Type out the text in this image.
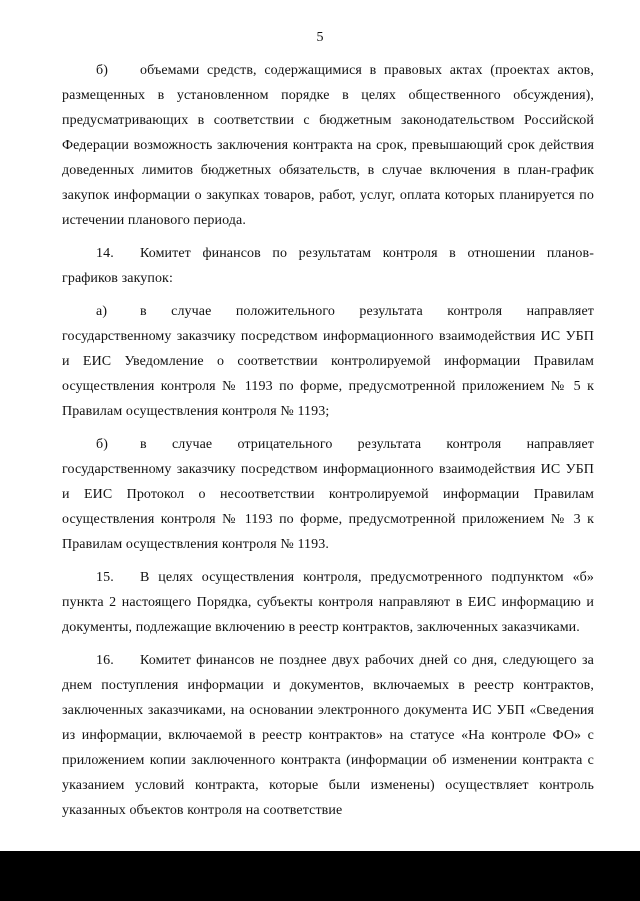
5

б) объемами средств, содержащимися в правовых актах (проектах актов, размещенных в установленном порядке в целях общественного обсуждения), предусматривающих в соответствии с бюджетным законодательством Российской Федерации возможность заключения контракта на срок, превышающий срок действия доведенных лимитов бюджетных обязательств, в случае включения в план-график закупок информации о закупках товаров, работ, услуг, оплата которых планируется по истечении планового периода.

14. Комитет финансов по результатам контроля в отношении планов-графиков закупок:

а) в случае положительного результата контроля направляет государственному заказчику посредством информационного взаимодействия ИС УБП и ЕИС Уведомление о соответствии контролируемой информации Правилам осуществления контроля № 1193 по форме, предусмотренной приложением № 5 к Правилам осуществления контроля № 1193;

б) в случае отрицательного результата контроля направляет государственному заказчику посредством информационного взаимодействия ИС УБП и ЕИС Протокол о несоответствии контролируемой информации Правилам осуществления контроля № 1193 по форме, предусмотренной приложением № 3 к Правилам осуществления контроля № 1193.

15. В целях осуществления контроля, предусмотренного подпунктом «б» пункта 2 настоящего Порядка, субъекты контроля направляют в ЕИС информацию и документы, подлежащие включению в реестр контрактов, заключенных заказчиками.

16. Комитет финансов не позднее двух рабочих дней со дня, следующего за днем поступления информации и документов, включаемых в реестр контрактов, заключенных заказчиками, на основании электронного документа ИС УБП «Сведения из информации, включаемой в реестр контрактов» на статусе «На контроле ФО» с приложением копии заключенного контракта (информации об изменении контракта с указанием условий контракта, которые были изменены) осуществляет контроль указанных объектов контроля на соответствие
